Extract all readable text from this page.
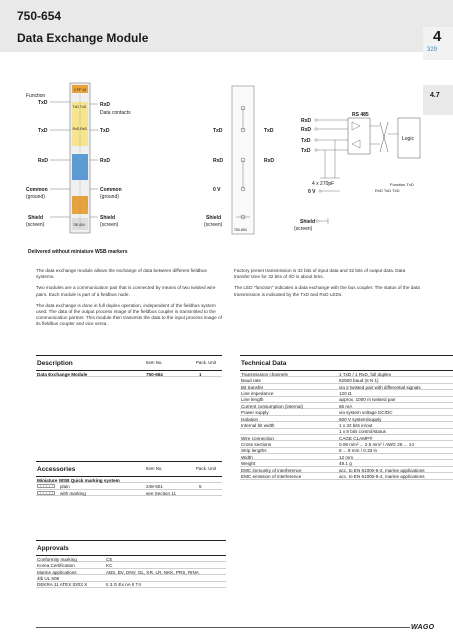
750-654
Data Exchange Module	4
329
4.7
1 FF 14
TxD TxD
RxD RxD
750-654
Function
TxD
TxD
RxD
Common
(ground)
Shield
(screen)
RxD
Data contacts
TxD
RxD
Common
(ground)
Shield
(screen)
750-654
TxD	TxD
RxD	RxD
0 V
Shield
(screen)
RxD
RxD
TxD
TxD
RS 485
Logic
4 x 270pF
0 V
Function TxD
RxD TxD TxD
Shield
(screen)
Delivered without miniature WSB markers

The data exchange module allows the exchange of data between different fieldbus systems.

Two modules are a communication pair that is connected by means of two twisted wire pairs. Each module is part of a fieldbus node.

The data exchange is done in full duplex operation, independent of the fieldbus system used. The data of the output process image of the fieldbus coupler is transmitted to the communication partner. This module then transmits the data to the input process image of its fieldbus coupler and vice versa.

Factory preset transmission is 32 bits of input data and 32 bits of output data. Data transfer time for 32 bits of I/O is about 5ms.

The LED "function" indicates a data exchange with the bus coupler. The status of the data transmission is indicated by the TxD and RxD LEDs.

Description	Item No.	Pack. Unit
Data Exchange Module	750-654	1
Accessories	Item No.	Pack. Unit
Miniature WSB Quick marking system
plain	248-501	5
with marking	see Section 11
Technical Data
Transmission channels	1 TxD / 1 RxD, full duplex
Baud rate	62500 baud (8 N 1)
Bit transfer	via 2 twisted pair with differential signals
Line impedance	120 Ω
Line length	approx. 1000 m twisted pair
Current consumption (internal)	65 mA
Power supply	via system voltage DC/DC
Isolation	500 V system/supply
Internal bit width	1 x 32 bits in/out
1 x 8 bits control/status
Wire connection	CAGE CLAMP®
Cross sections	0.08 mm² ... 2.5 mm² / AWG 28 ... 14
Strip lengths	8 ... 9 mm / 0.33 in
Width	12 mm
Weight	49.1 g
EMC immunity of interference	acc. to EN 61000-6-2, marine applications
EMC emission of interference	acc. to EN 61000-6-4, marine applications
Approvals
Conformity marking	CE
Korea Certification	KC
Marine applications	ABS, BV, DNV, GL, KR, LR, NKK, PRS, RINA
4lb UL 508
DEKRA 11 ATEX 0203 X	II 3 G Ex nA II T4
WAGO
